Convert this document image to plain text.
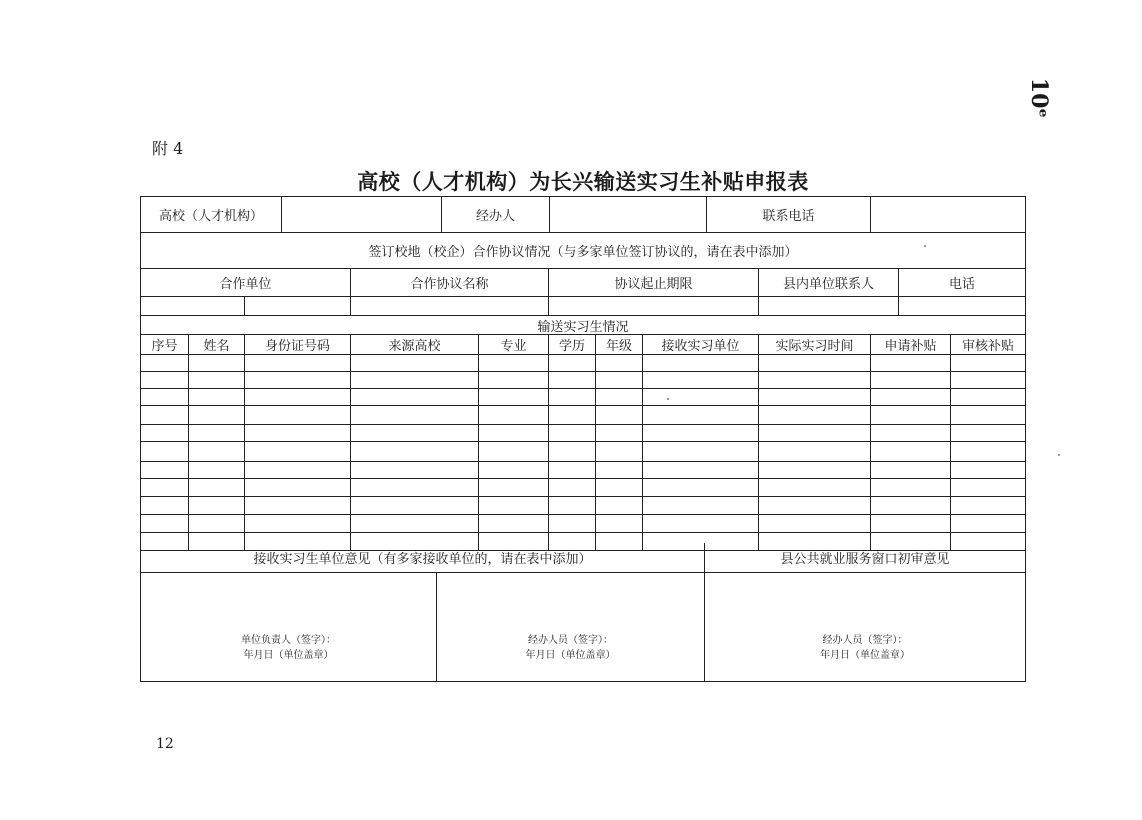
10ᵉ
附 4
高校（人才机构）为长兴输送实习生补贴申报表
高校（人才机构）	经办人	联系电话
签订校地（校企）合作协议情况（与多家单位签订协议的，请在表中添加）
合作单位	合作协议名称	协议起止期限	县内单位联系人	电话
输送实习生情况
序号	姓名	身份证号码	来源高校	专业	学历	年级	接收实习单位	实际实习时间	申请补贴	审核补贴
接收实习生单位意见（有多家接收单位的，请在表中添加）	县公共就业服务窗口初审意见
单位负责人（签字）：
年月日（单位盖章）
经办人员（签字）：
年月日（单位盖章）
经办人员（签字）：
年月日（单位盖章）
12
